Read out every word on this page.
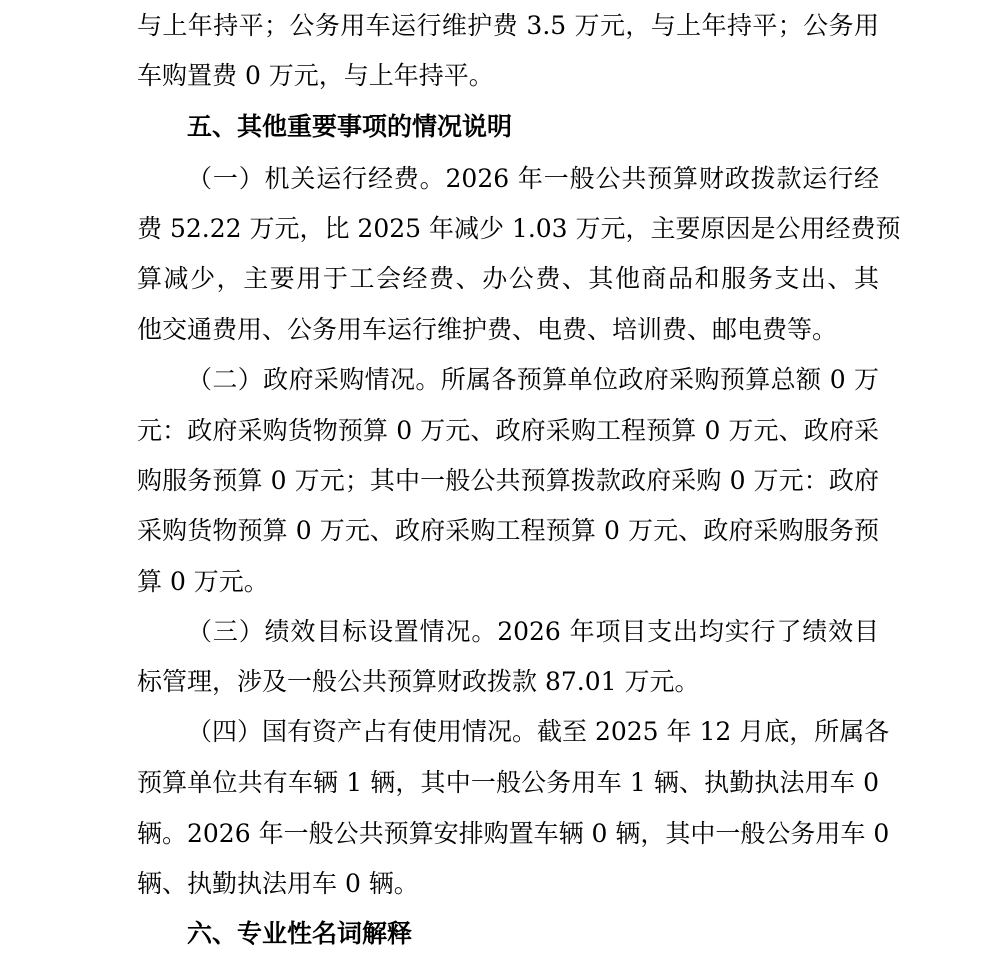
与上年持平；公务用车运行维护费 3.5 万元，与上年持平；公务用
车购置费 0 万元，与上年持平。
五、其他重要事项的情况说明
（一）机关运行经费。2026 年一般公共预算财政拨款运行经
费 52.22 万元，比 2025 年减少 1.03 万元，主要原因是公用经费预
算减少，主要用于工会经费、办公费、其他商品和服务支出、其
他交通费用、公务用车运行维护费、电费、培训费、邮电费等。
（二）政府采购情况。所属各预算单位政府采购预算总额 0 万
元：政府采购货物预算 0 万元、政府采购工程预算 0 万元、政府采
购服务预算 0 万元；其中一般公共预算拨款政府采购 0 万元：政府
采购货物预算 0 万元、政府采购工程预算 0 万元、政府采购服务预
算 0 万元。
（三）绩效目标设置情况。2026 年项目支出均实行了绩效目
标管理，涉及一般公共预算财政拨款 87.01 万元。
（四）国有资产占有使用情况。截至 2025 年 12 月底，所属各
预算单位共有车辆 1 辆，其中一般公务用车 1 辆、执勤执法用车 0
辆。2026 年一般公共预算安排购置车辆 0 辆，其中一般公务用车 0
辆、执勤执法用车 0 辆。
六、专业性名词解释
